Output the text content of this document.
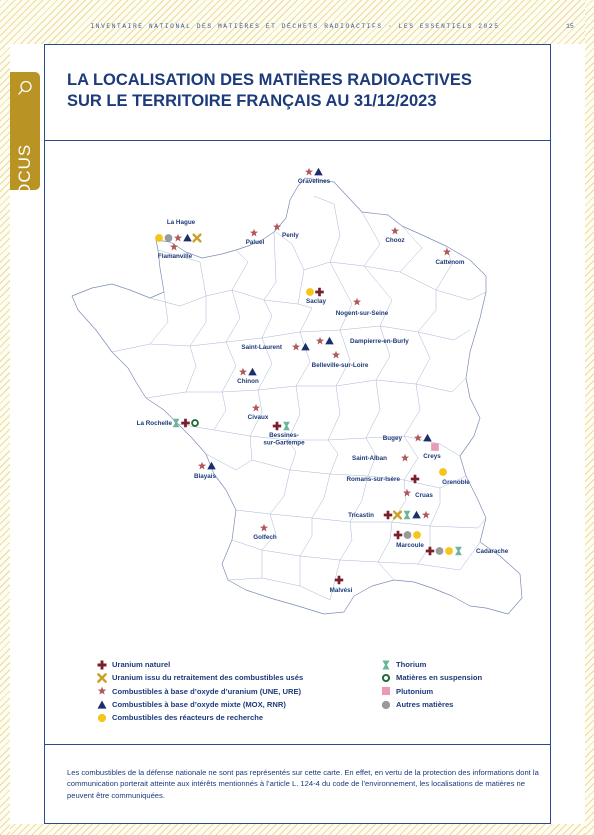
INVENTAIRE NATIONAL DES MATIÈRES ET DÉCHETS RADIOACTIFS · LES ESSENTIELS 2025	15
FOCUS
LA LOCALISATION DES MATIÈRES RADIOACTIVES
SUR LE TERRITOIRE FRANÇAIS AU 31/12/2023
Gravelines
La Hague
Flamanville
Paluel
Penly
Chooz
Cattenom
Saclay
Nogent-sur-Seine
Dampierre-en-Burly
Saint-Laurent
Belleville-sur-Loire
Chinon
La Rochelle
Civaux
Bessines-
sur-Gartempe
Bugey
Creys
Saint-Alban
Grenoble
Blayais	Romans-sur-Isère
Cruas
Tricastin
Golfech
Marcoule
Cadarache
Malvési
Uranium naturel
Uranium issu du retraitement des combustibles usés
Combustibles à base d’oxyde d’uranium (UNE, URE)
Combustibles à base d’oxyde mixte (MOX, RNR)
Combustibles des réacteurs de recherche
Thorium
Matières en suspension
Plutonium
Autres matières
Les combustibles de la défense nationale ne sont pas représentés sur cette carte. En effet, en vertu de la protection des informations dont la communication porterait atteinte aux intérêts mentionnés à l’article L. 124-4 du code de l’environnement, les localisations de matières ne peuvent être communiquées.
